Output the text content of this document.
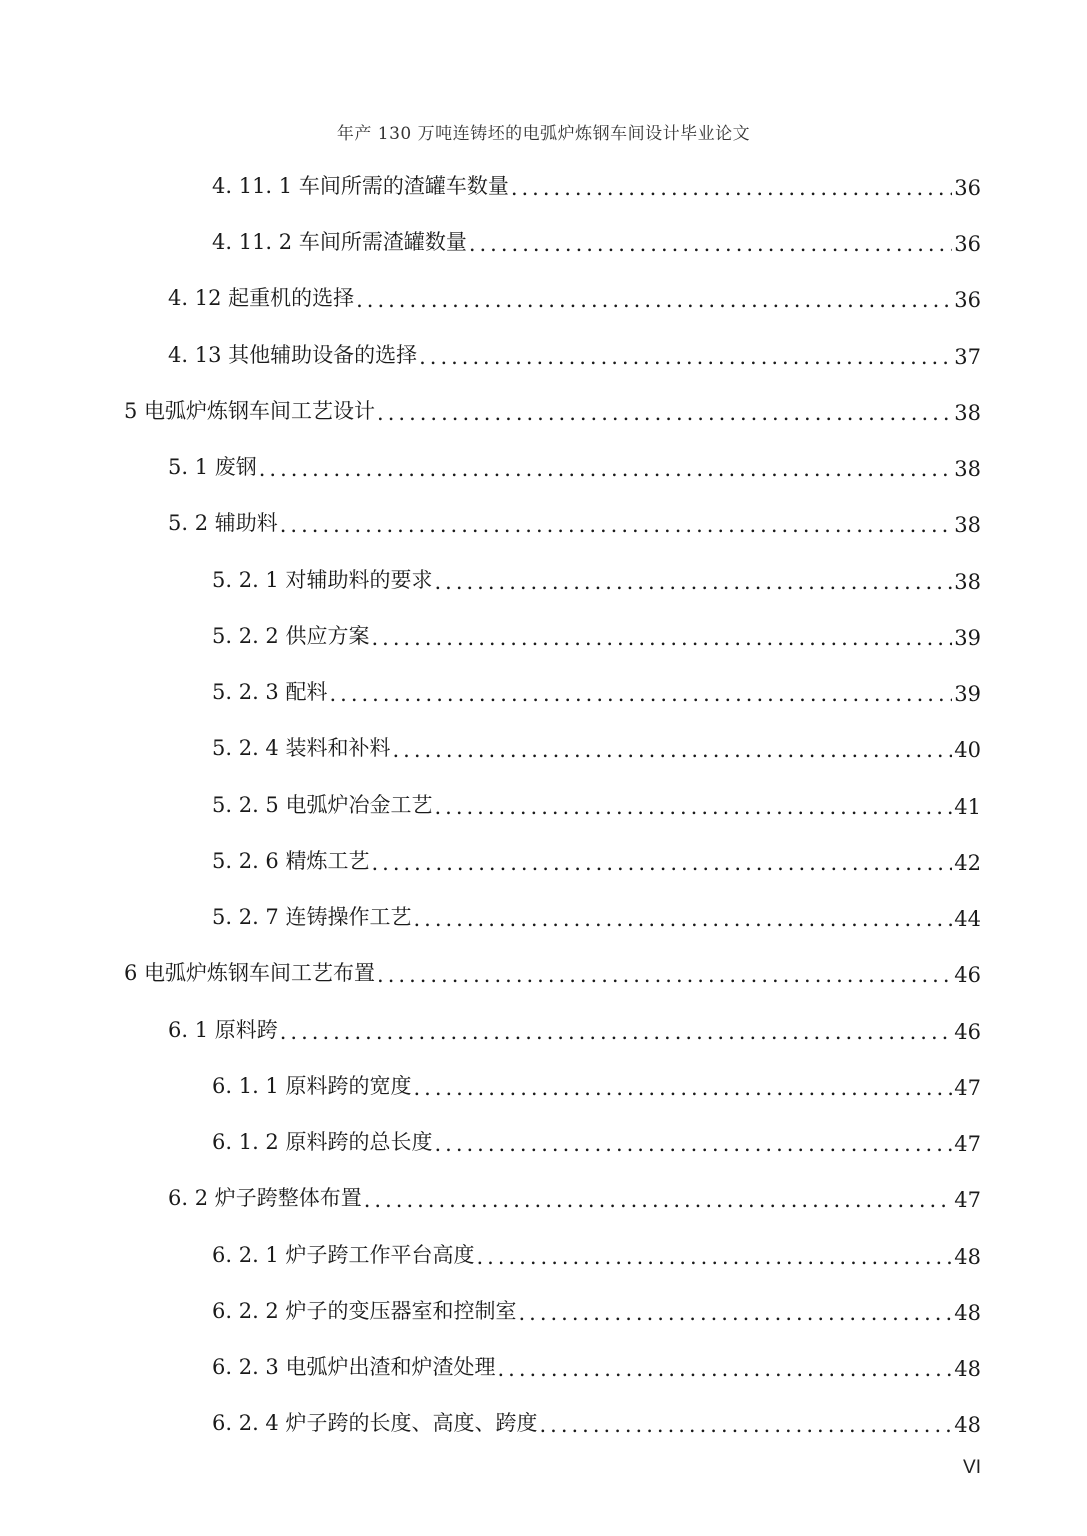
年产 130 万吨连铸坯的电弧炉炼钢车间设计毕业论文
4. 11. 1 车间所需的渣罐车数量 .....	36
4. 11. 2 车间所需渣罐数量 .....	36
4. 12 起重机的选择 .....	36
4. 13 其他辅助设备的选择 .....	37
5 电弧炉炼钢车间工艺设计 .....	38
5. 1 废钢 .....	38
5. 2 辅助料 .....	38
5. 2. 1 对辅助料的要求 .....	38
5. 2. 2 供应方案 .....	39
5. 2. 3 配料 .....	39
5. 2. 4 装料和补料 .....	40
5. 2. 5 电弧炉冶金工艺 .....	41
5. 2. 6 精炼工艺 .....	42
5. 2. 7 连铸操作工艺 .....	44
6 电弧炉炼钢车间工艺布置 .....	46
6. 1 原料跨 .....	46
6. 1. 1 原料跨的宽度 .....	47
6. 1. 2 原料跨的总长度 .....	47
6. 2 炉子跨整体布置 .....	47
6. 2. 1 炉子跨工作平台高度 .....	48
6. 2. 2 炉子的变压器室和控制室 .....	48
6. 2. 3 电弧炉出渣和炉渣处理 .....	48
6. 2. 4 炉子跨的长度、高度、跨度 .....	48
VI
